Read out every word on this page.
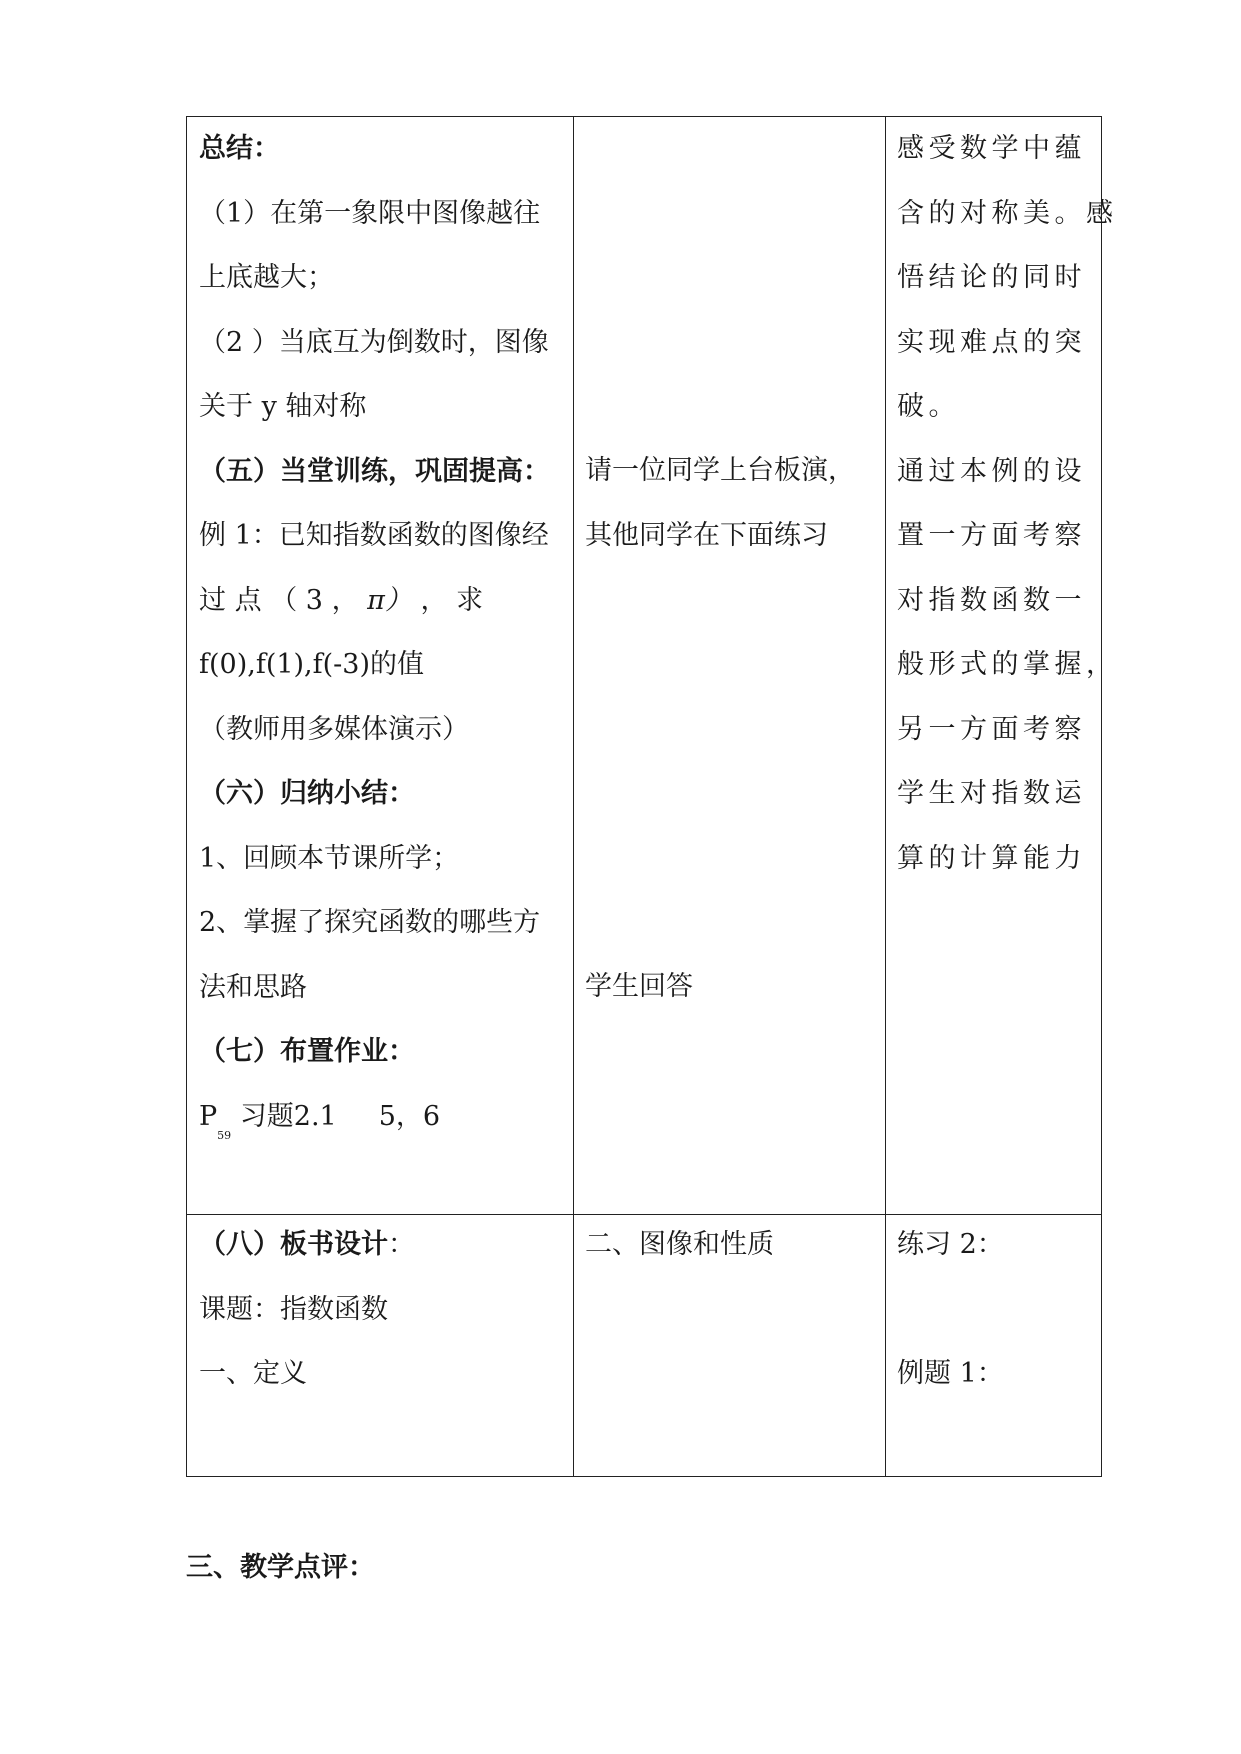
总结：
（1）在第一象限中图像越往
上底越大；
（2 ）当底互为倒数时，图像
关于 y 轴对称
（五）当堂训练，巩固提高：
例 1：已知指数函数的图像经
过 点 （ 3 ， π） ， 求
f(0),f(1),f(-3)的值
（教师用多媒体演示）
（六）归纳小结：
1、回顾本节课所学；
2、掌握了探究函数的哪些方
法和思路
（七）布置作业：
$P_{59}$ 习题2.1 5，6
请一位同学上台板演，
其他同学在下面练习
学生回答
感受数学中蕴
含的对称美。感
悟结论的同时
实现难点的突
破。
通过本例的设
置一方面考察
对指数函数一
般形式的掌握，
另一方面考察
学生对指数运
算的计算能力
（八）板书设计：
课题：指数函数
一、定义
二、图像和性质	练习 2：
例题 1：
三、教学点评：
